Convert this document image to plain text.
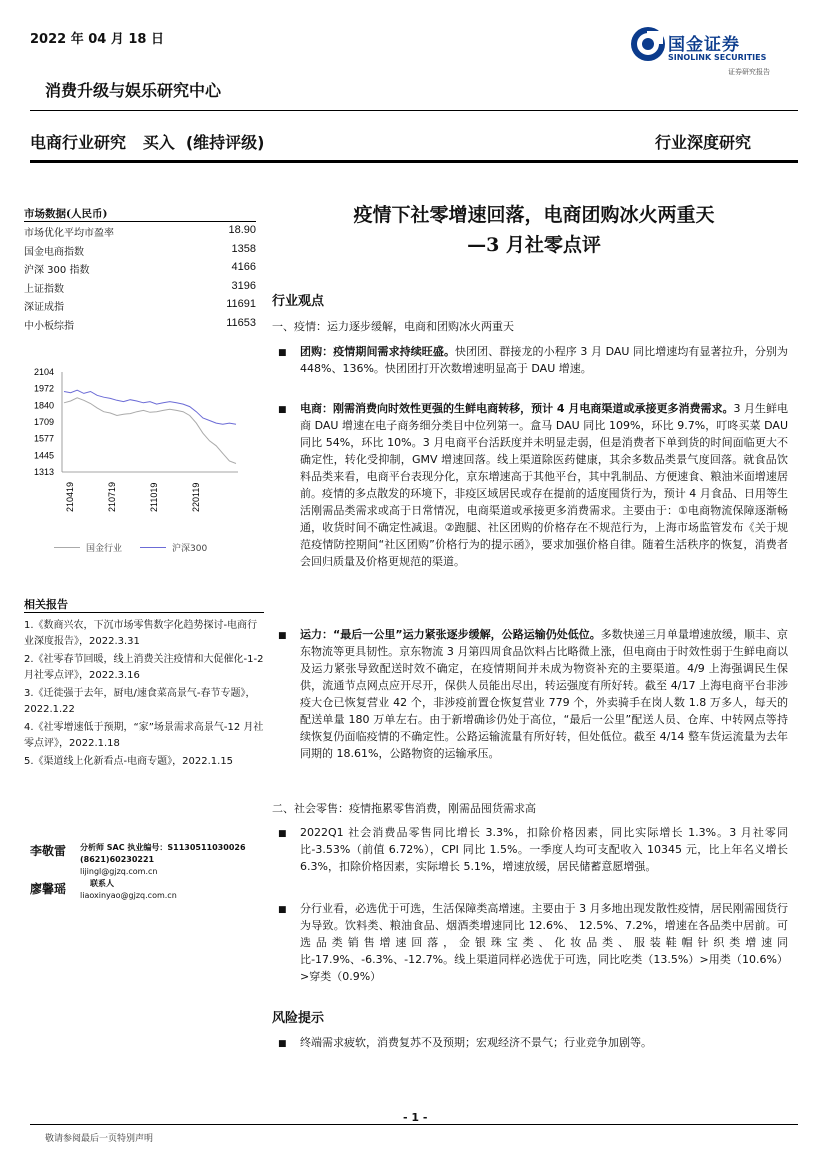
2022 年 04 月 18 日	国金证券
SINOLINK SECURITIES
证券研究报告
消费升级与娱乐研究中心
电商行业研究   买入  (维持评级)	行业深度研究
市场数据(人民币)
市场优化平均市盈率	18.90
国金电商指数	1358
沪深 300 指数	4166
上证指数	3196
深证成指	11691
中小板综指	11653
2104
1972
1840
1709
1577
1445
1313
210419	210719	211019	220119
国金行业	沪深300
相关报告
1.《数商兴农，下沉市场零售数字化趋势探讨-电商行业深度报告》，2022.3.31
2.《社零春节回暖，线上消费关注疫情和大促催化-1-2 月社零点评》，2022.3.16
3.《迁徙强于去年，厨电/速食菜高景气-春节专题》，2022.1.22
4.《社零增速低于预期，“家”场景需求高景气-12 月社零点评》，2022.1.18
5.《渠道线上化新看点-电商专题》，2022.1.15
李敬雷 分析师 SAC 执业编号：S1130511030026
(8621)60230221
lijingl@gjzq.com.cn
廖馨瑶	联系人
liaoxinyao@gjzq.com.cn
疫情下社零增速回落，电商团购冰火两重天
—3 月社零点评
行业观点
一、疫情：运力逐步缓解，电商和团购冰火两重天
■ 团购：疫情期间需求持续旺盛。快团团、群接龙的小程序 3 月 DAU 同比增速均有显著拉升，分别为 448%、136%。快团团打开次数增速明显高于 DAU 增速。
■ 电商：刚需消费向时效性更强的生鲜电商转移，预计 4 月电商渠道或承接更多消费需求。3 月生鲜电商 DAU 增速在电子商务细分类目中位列第一。盒马 DAU 同比 109%，环比 9.7%，叮咚买菜 DAU 同比 54%，环比 10%。3 月电商平台活跃度并未明显走弱，但是消费者下单到货的时间面临更大不确定性，转化受抑制，GMV 增速回落。线上渠道除医药健康，其余多数品类景气度回落。就食品饮料品类来看，电商平台表现分化，京东增速高于其他平台，其中乳制品、方便速食、粮油米面增速居前。疫情的多点散发的环境下，非疫区域居民或存在提前的适度囤货行为，预计 4 月食品、日用等生活刚需品类需求或高于日常情况，电商渠道或承接更多消费需求。主要由于：①电商物流保障逐渐畅通，收货时间不确定性减退。②跑腿、社区团购的价格存在不规范行为，上海市场监管发布《关于规范疫情防控期间“社区团购”价格行为的提示函》，要求加强价格自律。随着生活秩序的恢复，消费者会回归质量及价格更规范的渠道。
■ 运力：“最后一公里”运力紧张逐步缓解，公路运输仍处低位。多数快递三月单量增速放缓，顺丰、京东物流等更具韧性。京东物流 3 月第四周食品饮料占比略微上涨，但电商由于时效性弱于生鲜电商以及运力紧张导致配送时效不确定，在疫情期间并未成为物资补充的主要渠道。4/9 上海强调民生保供，流通节点网点应开尽开，保供人员能出尽出，转运强度有所好转。截至 4/17 上海电商平台非涉疫大仓已恢复营业 42 个，非涉疫前置仓恢复营业 779 个，外卖骑手在岗人数 1.8 万多人，每天的配送单量 180 万单左右。由于新增确诊仍处于高位，“最后一公里”配送人员、仓库、中转网点等持续恢复仍面临疫情的不确定性。公路运输流量有所好转，但处低位。截至 4/14 整车货运流量为去年同期的 18.61%，公路物资的运输承压。
二、社会零售：疫情拖累零售消费，刚需品囤货需求高
■ 2022Q1 社会消费品零售同比增长 3.3%，扣除价格因素，同比实际增长 1.3%。3 月社零同比-3.53%（前值 6.72%），CPI 同比 1.5%。一季度人均可支配收入 10345 元，比上年名义增长 6.3%，扣除价格因素，实际增长 5.1%，增速放缓，居民储蓄意愿增强。
■ 分行业看，必选优于可选，生活保障类高增速。主要由于 3 月多地出现发散性疫情，居民刚需囤货行为导致。饮料类、粮油食品、烟酒类增速同比 12.6%、 12.5%、7.2%，增速在各品类中居前。可选品类销售增速回落，金银珠宝类、化妆品类、服装鞋帽针织类增速同比-17.9%、-6.3%、-12.7%。线上渠道同样必选优于可选，同比吃类（13.5%）>用类（10.6%）>穿类（0.9%）
风险提示
■ 终端需求疲软，消费复苏不及预期；宏观经济不景气；行业竞争加剧等。
- 1 -
敬请参阅最后一页特别声明
